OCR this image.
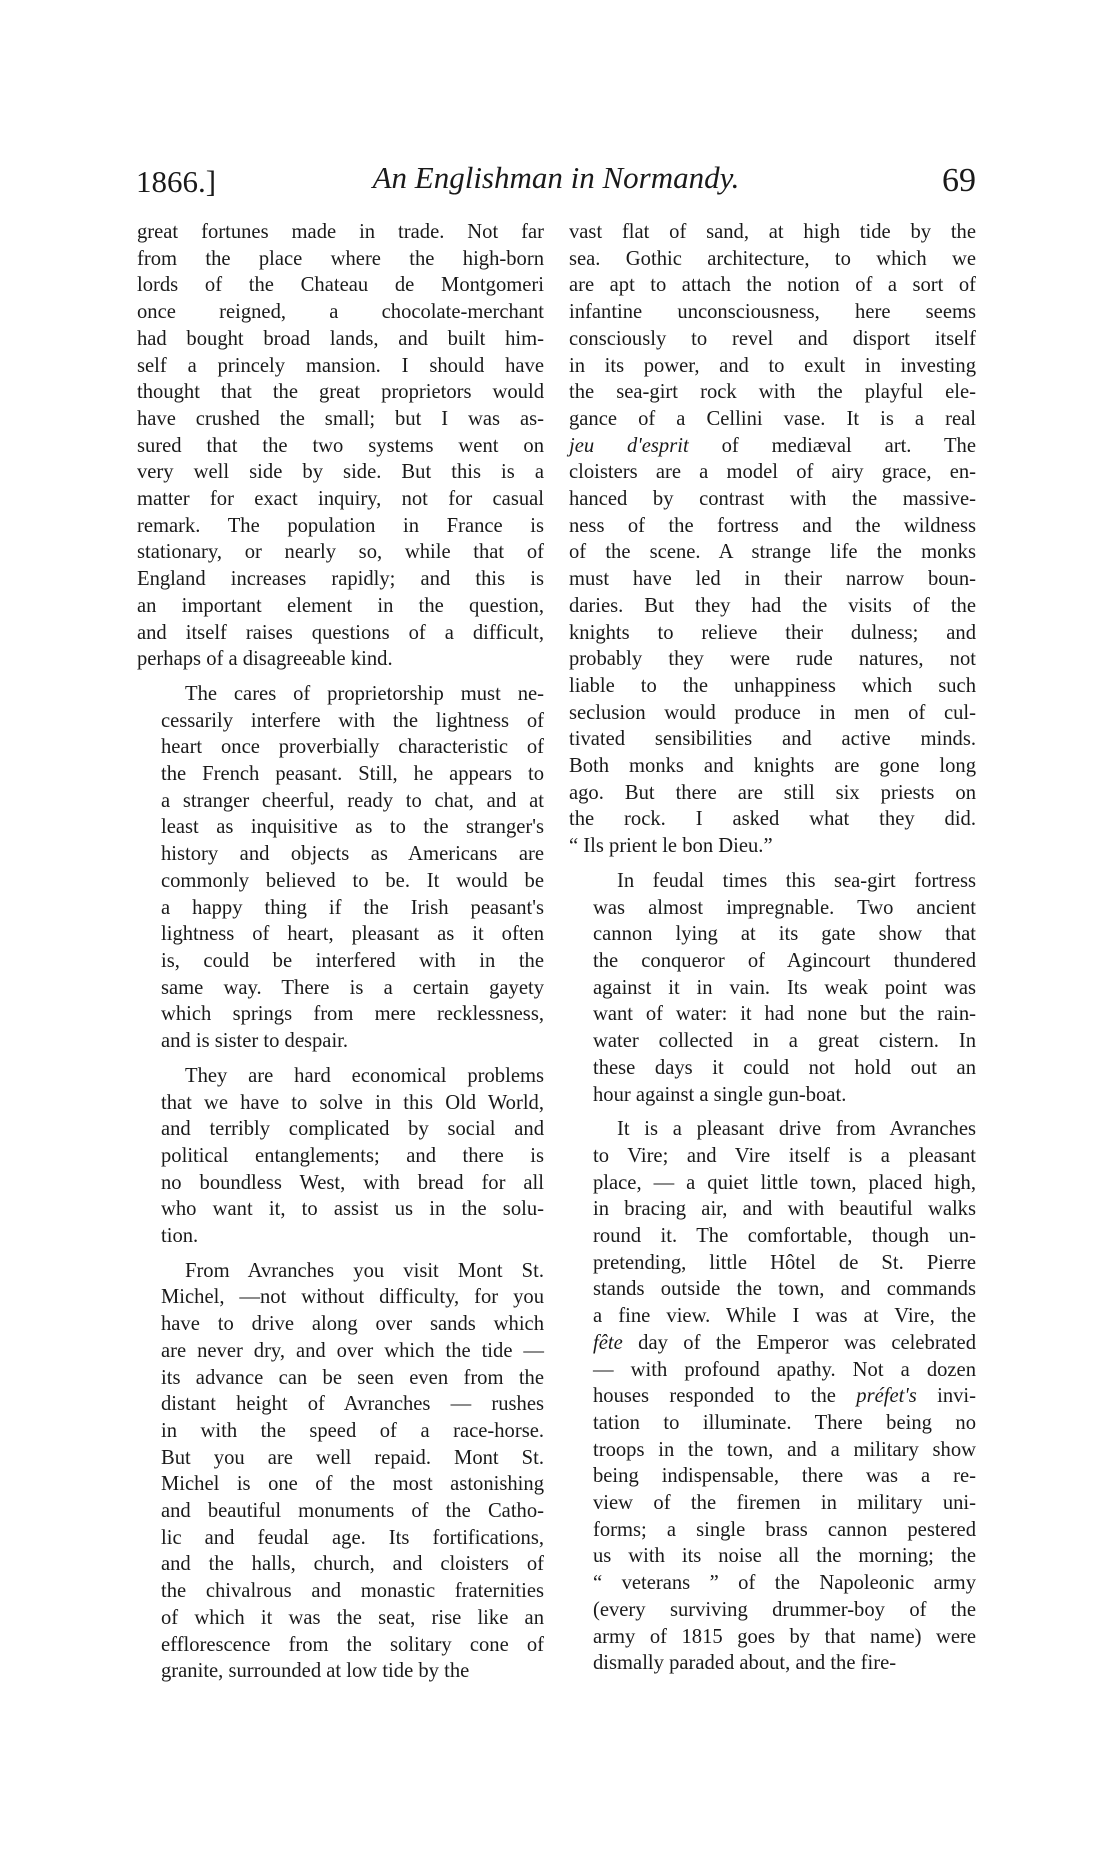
1866.]	An Englishman in Normandy.	69

great fortunes made in trade. Not far
from the place where the high-born
lords of the Chateau de Montgomeri
once reigned, a chocolate-merchant
had bought broad lands, and built him-
self a princely mansion. I should have
thought that the great proprietors would
have crushed the small; but I was as-
sured that the two systems went on
very well side by side. But this is a
matter for exact inquiry, not for casual
remark. The population in France is
stationary, or nearly so, while that of
England increases rapidly; and this is
an important element in the question,
and itself raises questions of a difficult,
perhaps of a disagreeable kind.

The cares of proprietorship must ne-
cessarily interfere with the lightness of
heart once proverbially characteristic of
the French peasant. Still, he appears to
a stranger cheerful, ready to chat, and at
least as inquisitive as to the stranger's
history and objects as Americans are
commonly believed to be. It would be
a happy thing if the Irish peasant's
lightness of heart, pleasant as it often
is, could be interfered with in the
same way. There is a certain gayety
which springs from mere recklessness,
and is sister to despair.

They are hard economical problems
that we have to solve in this Old World,
and terribly complicated by social and
political entanglements; and there is
no boundless West, with bread for all
who want it, to assist us in the solu-
tion.

From Avranches you visit Mont St.
Michel, —not without difficulty, for you
have to drive along over sands which
are never dry, and over which the tide —
its advance can be seen even from the
distant height of Avranches — rushes
in with the speed of a race-horse.
But you are well repaid. Mont St.
Michel is one of the most astonishing
and beautiful monuments of the Catho-
lic and feudal age. Its fortifications,
and the halls, church, and cloisters of
the chivalrous and monastic fraternities
of which it was the seat, rise like an
efflorescence from the solitary cone of
granite, surrounded at low tide by the

vast flat of sand, at high tide by the
sea. Gothic architecture, to which we
are apt to attach the notion of a sort of
infantine unconsciousness, here seems
consciously to revel and disport itself
in its power, and to exult in investing
the sea-girt rock with the playful ele-
gance of a Cellini vase. It is a real
jeu d'esprit of mediæval art. The
cloisters are a model of airy grace, en-
hanced by contrast with the massive-
ness of the fortress and the wildness
of the scene. A strange life the monks
must have led in their narrow boun-
daries. But they had the visits of the
knights to relieve their dulness; and
probably they were rude natures, not
liable to the unhappiness which such
seclusion would produce in men of cul-
tivated sensibilities and active minds.
Both monks and knights are gone long
ago. But there are still six priests on
the rock. I asked what they did.
“ Ils prient le bon Dieu.”

In feudal times this sea-girt fortress
was almost impregnable. Two ancient
cannon lying at its gate show that
the conqueror of Agincourt thundered
against it in vain. Its weak point was
want of water: it had none but the rain-
water collected in a great cistern. In
these days it could not hold out an
hour against a single gun-boat.

It is a pleasant drive from Avranches
to Vire; and Vire itself is a pleasant
place, — a quiet little town, placed high,
in bracing air, and with beautiful walks
round it. The comfortable, though un-
pretending, little Hôtel de St. Pierre
stands outside the town, and commands
a fine view. While I was at Vire, the
fête day of the Emperor was celebrated
— with profound apathy. Not a dozen
houses responded to the préfet's invi-
tation to illuminate. There being no
troops in the town, and a military show
being indispensable, there was a re-
view of the firemen in military uni-
forms; a single brass cannon pestered
us with its noise all the morning; the
“ veterans ” of the Napoleonic army
(every surviving drummer-boy of the
army of 1815 goes by that name) were
dismally paraded about, and the fire-
